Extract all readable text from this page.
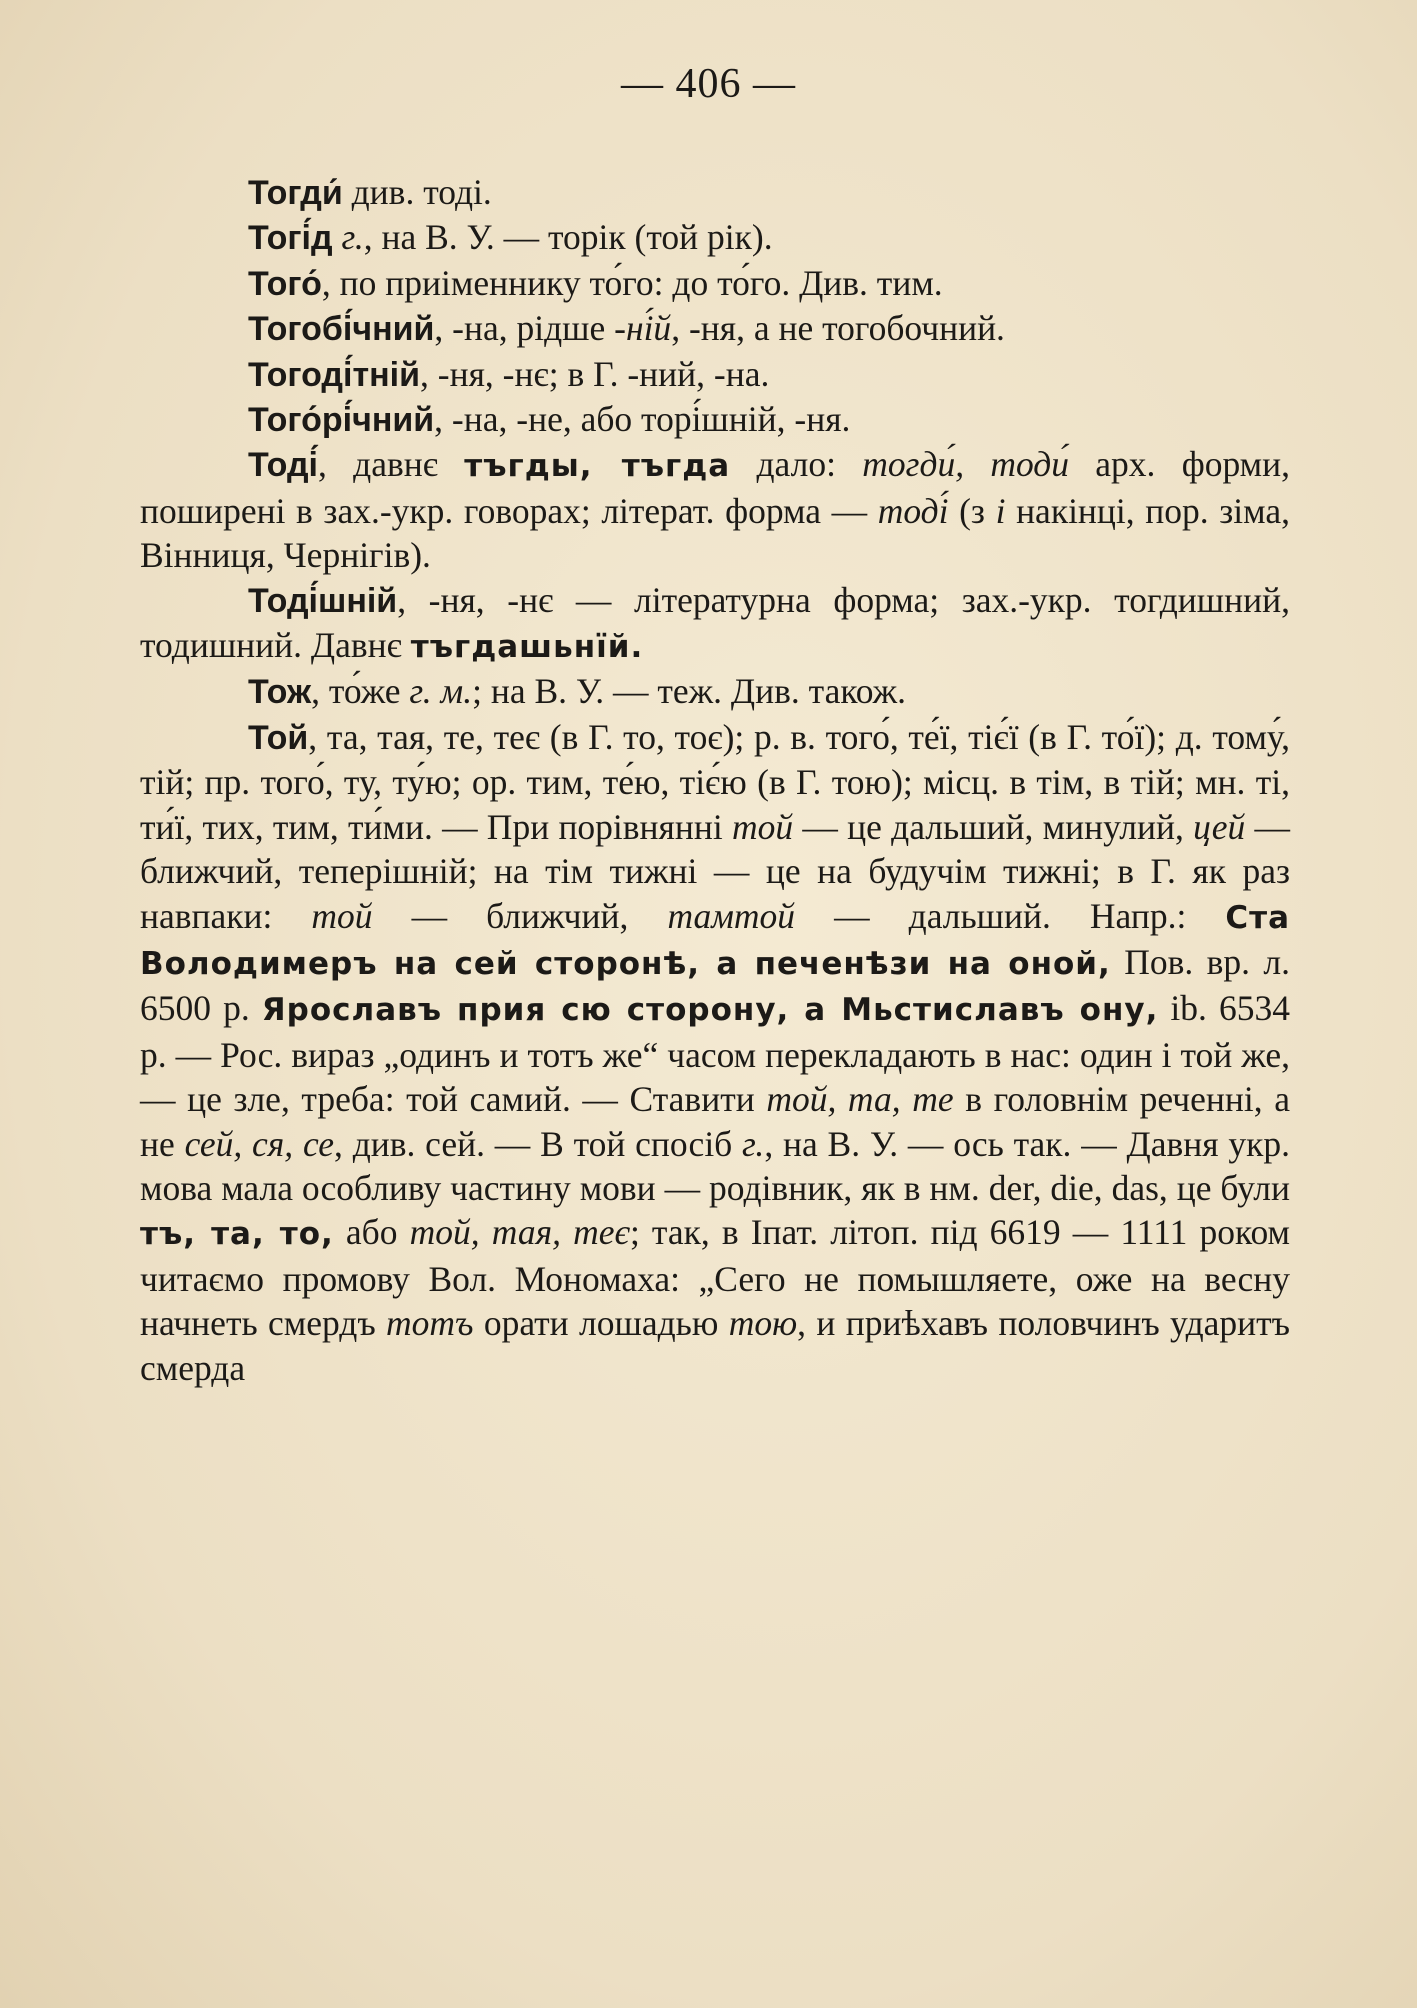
— 406 —

Тогди́ див. тоді.

Тогі́д г., на В. У. — торік (той рік).

Того́, по приіменнику то́го: до то́го. Див. тим.

Тогобі́чний, -на, рідше -ні́й, -ня, а не тогобочний.

Тогоді́тній, -ня, -нє; в Г. -ний, -на.

Того́рі́чний, -на, -не, або торі́шній, -ня.

Тоді́, давнє тъгды, тъгда дало: тогди́, тоди́ арх. форми, поширені в зах.-укр. говорах; літерат. форма — тоді́ (з і накінці, пор. зіма, Вінниця, Чернігів).

Тоді́шній, -ня, -нє — літературна форма; зах.-укр. тогдишний, тодишний. Давнє тъгдашьнїй.

Тож, то́же г. м.; на В. У. — теж. Див. також.

Той, та, тая, те, теє (в Г. то, тоє); р. в. того́, те́ї, тіє́ї (в Г. то́ї); д. тому́, тій; пр. того́, ту, ту́ю; ор. тим, те́ю, тіє́ю (в Г. тою); місц. в тім, в тій; мн. ті, ти́ї, тих, тим, ти́ми. — При порівнянні той — це дальший, минулий, цей — ближчий, теперішній; на тім тижні — це на будучім тижні; в Г. як раз навпаки: той — ближчий, тамтой — дальший. Напр.: Ста Володимеръ на сей сторонѣ, а печенѣзи на оной, Пов. вр. л. 6500 р. Ярославъ прия сю сторону, а Мьстиславъ ону, ib. 6534 р. — Рос. вираз „одинъ и тотъ же“ часом перекладають в нас: один і той же, — це зле, треба: той самий. — Ставити той, та, те в головнім реченні, а не сей, ся, се, див. сей. — В той спосіб г., на В. У. — ось так. — Давня укр. мова мала особливу частину мови — родівник, як в нм. der, die, das, це були тъ, та, то, або той, тая, теє; так, в Іпат. літоп. під 6619 — 1111 роком читаємо промову Вол. Мономаха: „Сего не помышляете, оже на весну начнеть смердъ тотъ орати лошадью тою, и приѣхавъ половчинъ ударитъ смерда
